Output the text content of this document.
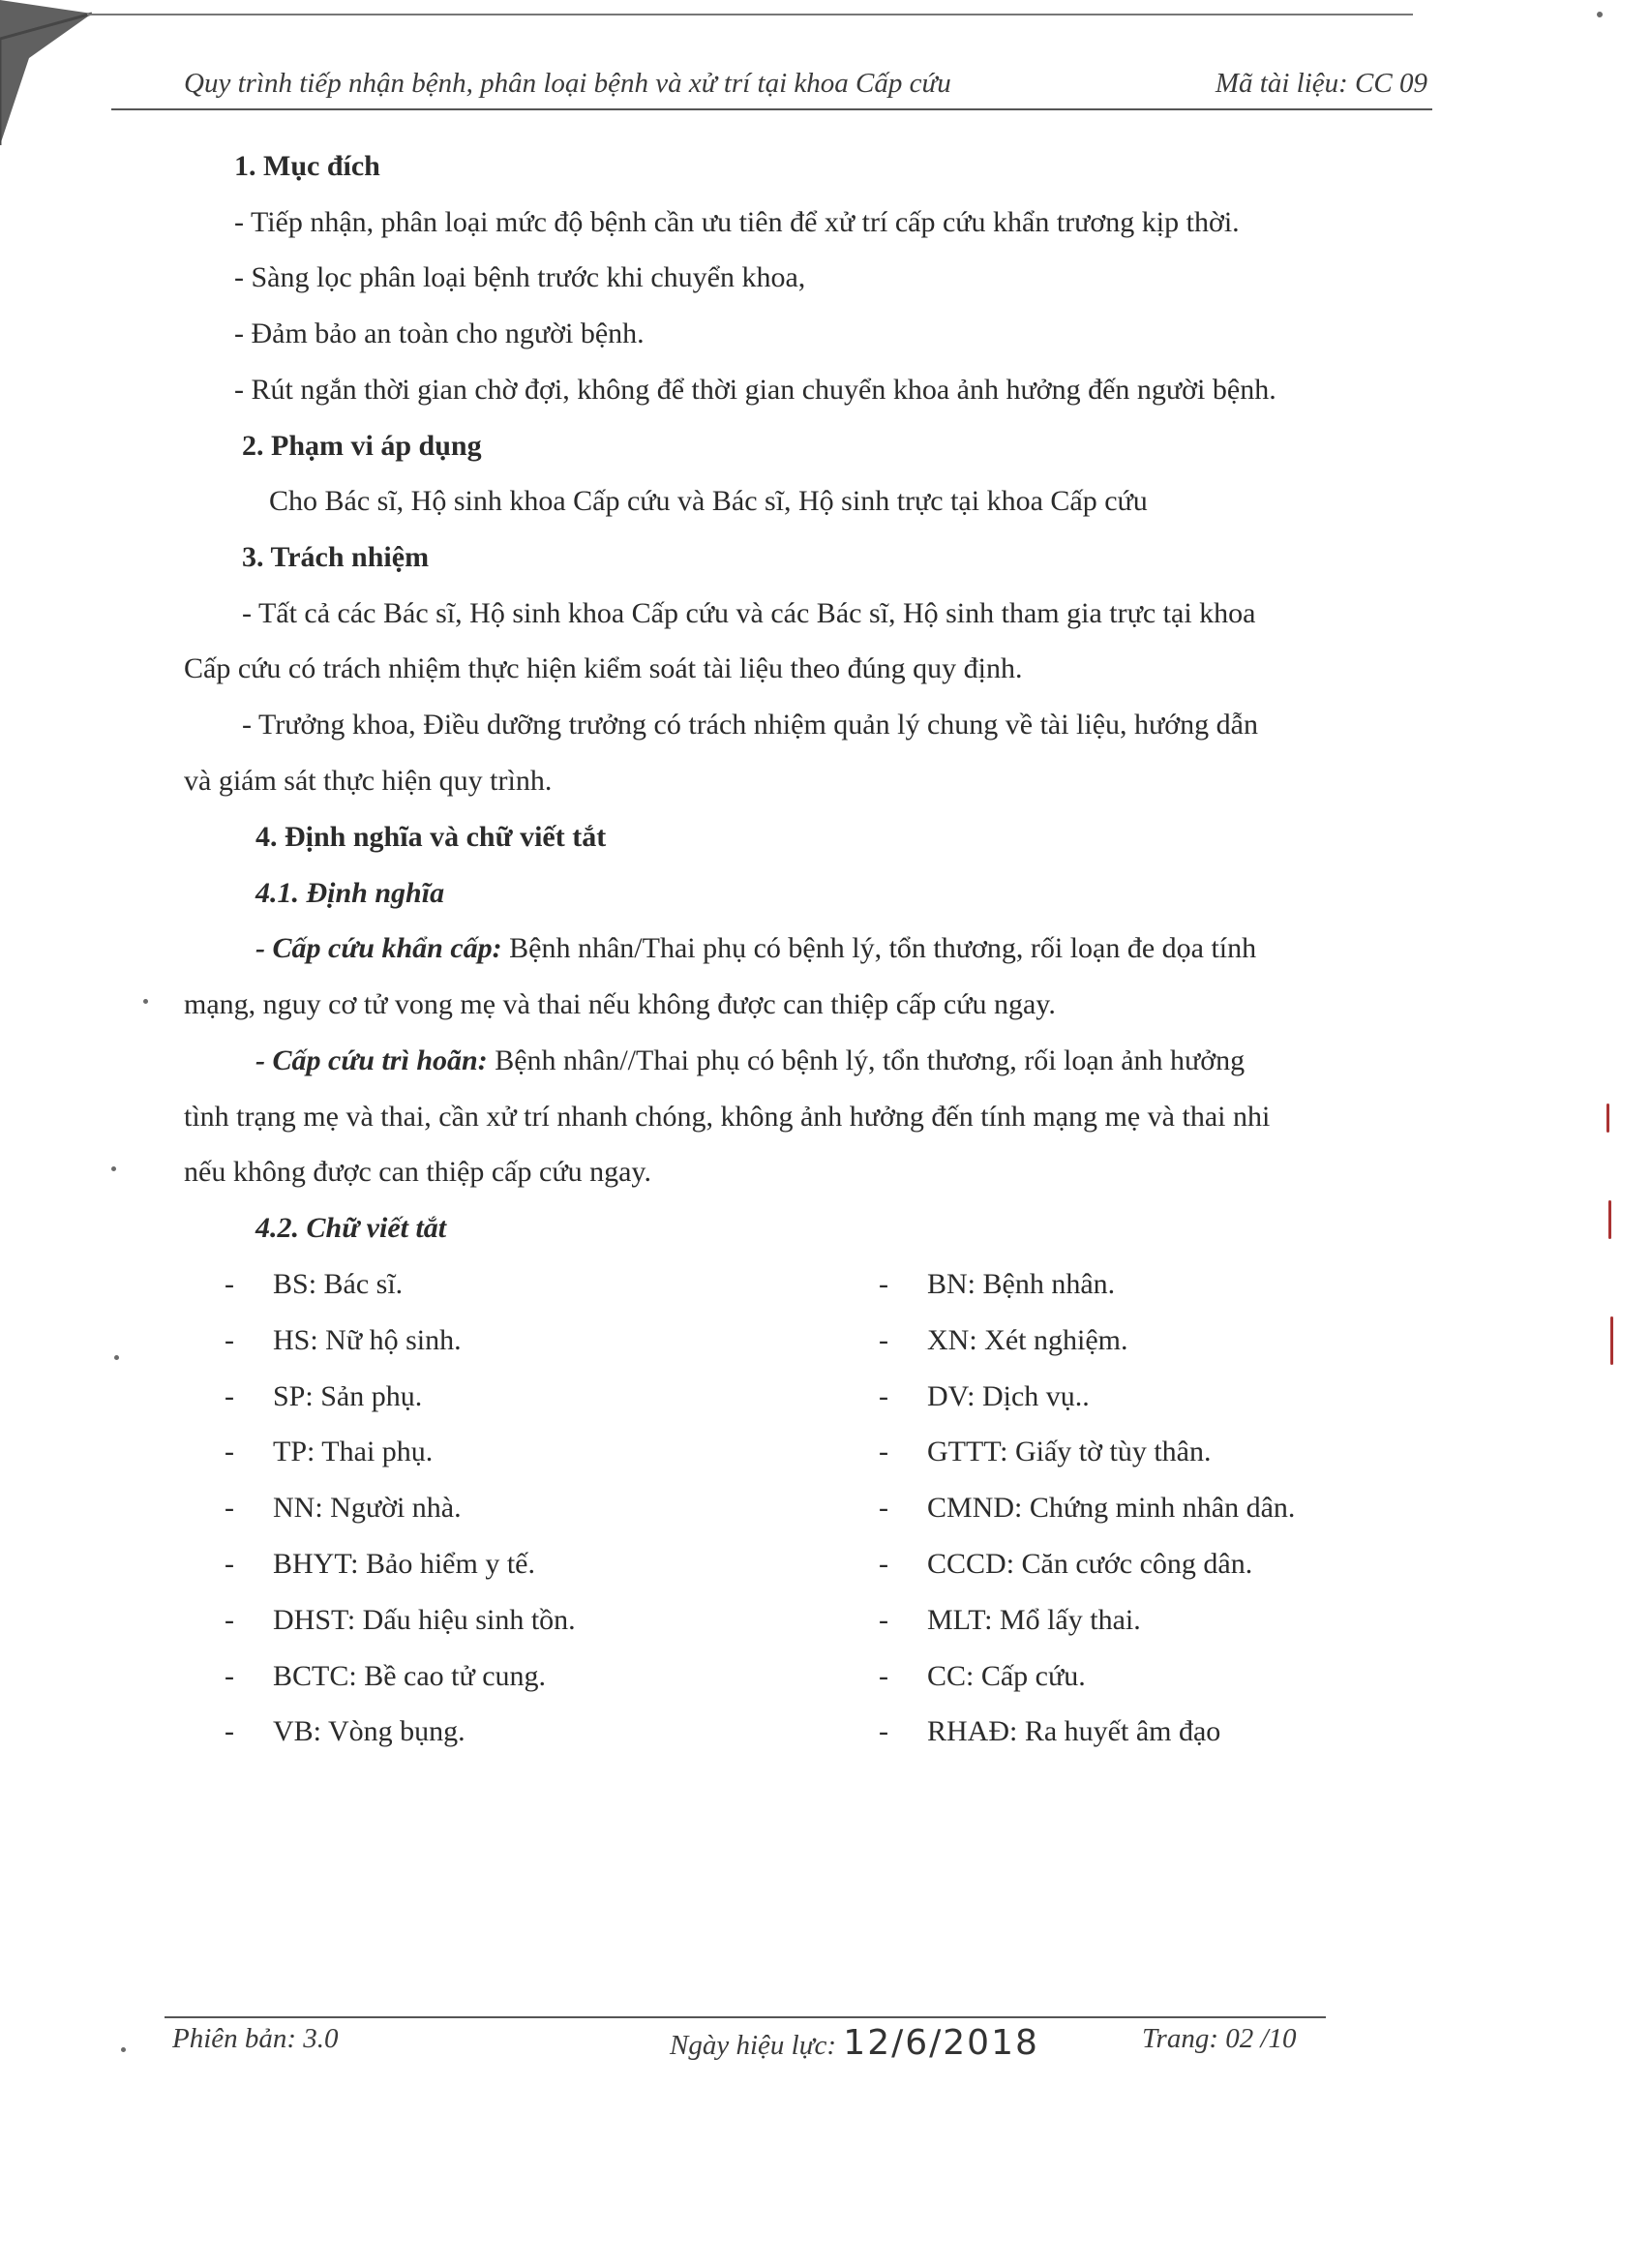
Quy trình tiếp nhận bệnh, phân loại bệnh và xử trí tại khoa Cấp cứu	Mã tài liệu: CC 09
1. Mục đích
- Tiếp nhận, phân loại mức độ bệnh cần ưu tiên để xử trí cấp cứu khẩn trương kịp thời.
- Sàng lọc phân loại bệnh trước khi chuyển khoa,
- Đảm bảo an toàn cho người bệnh.
- Rút ngắn thời gian chờ đợi, không để thời gian chuyển khoa ảnh hưởng đến người bệnh.
2. Phạm vi áp dụng
Cho Bác sĩ, Hộ sinh khoa Cấp cứu và Bác sĩ, Hộ sinh trực tại khoa Cấp cứu
3. Trách nhiệm
- Tất cả các Bác sĩ, Hộ sinh khoa Cấp cứu và các Bác sĩ, Hộ sinh tham gia trực tại khoa
Cấp cứu có trách nhiệm thực hiện kiểm soát tài liệu theo đúng quy định.
- Trưởng khoa, Điều dưỡng trưởng có trách nhiệm quản lý chung về tài liệu, hướng dẫn
và giám sát thực hiện quy trình.
4. Định nghĩa và chữ viết tắt
4.1. Định nghĩa
- Cấp cứu khẩn cấp: Bệnh nhân/Thai phụ có bệnh lý, tổn thương, rối loạn đe dọa tính
mạng, nguy cơ tử vong mẹ và thai nếu không được can thiệp cấp cứu ngay.
- Cấp cứu trì hoãn: Bệnh nhân//Thai phụ có bệnh lý, tổn thương, rối loạn ảnh hưởng
tình trạng mẹ và thai, cần xử trí nhanh chóng, không ảnh hưởng đến tính mạng mẹ và thai nhi
nếu không được can thiệp cấp cứu ngay.
4.2. Chữ viết tắt
- BS: Bác sĩ.
- HS: Nữ hộ sinh.
- SP: Sản phụ.
- TP: Thai phụ.
- NN: Người nhà.
- BHYT: Bảo hiểm y tế.
- DHST: Dấu hiệu sinh tồn.
- BCTC: Bề cao tử cung.
- VB: Vòng bụng.
- BN: Bệnh nhân.
- XN: Xét nghiệm.
- DV: Dịch vụ..
- GTTT: Giấy tờ tùy thân.
- CMND: Chứng minh nhân dân.
- CCCD: Căn cước công dân.
- MLT: Mổ lấy thai.
- CC: Cấp cứu.
- RHAĐ: Ra huyết âm đạo
Phiên bản: 3.0	Ngày hiệu lực: 12/6/2018	Trang: 02 /10
